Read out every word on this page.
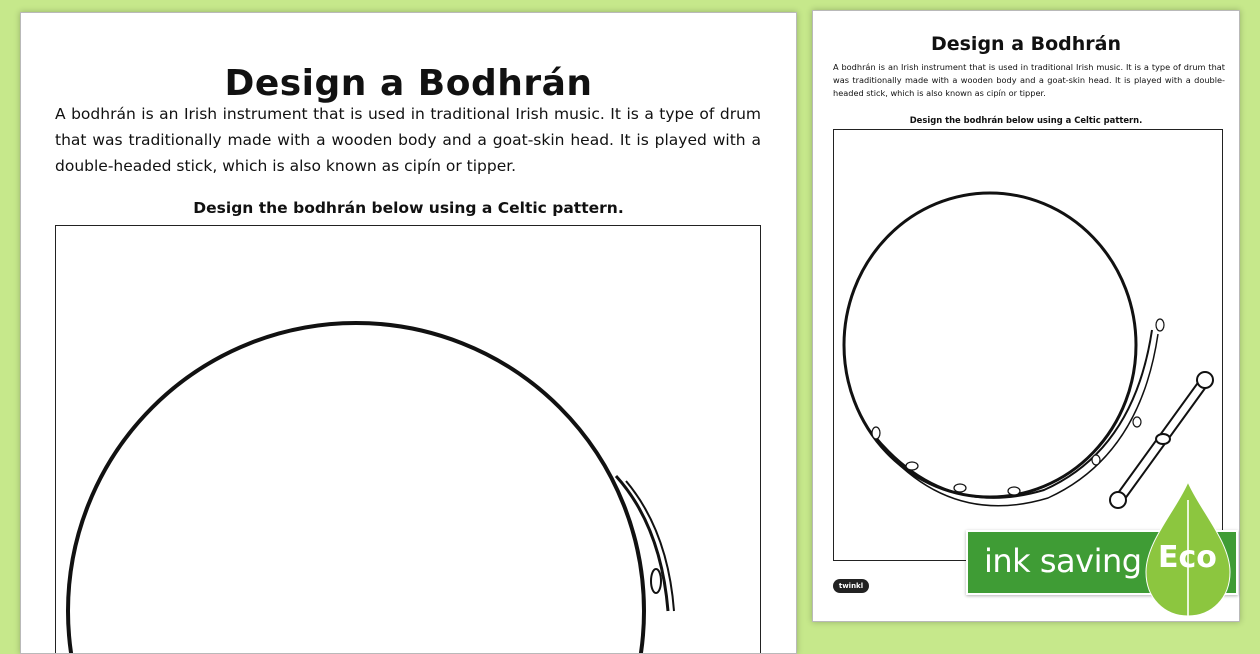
Design a Bodhrán

A bodhrán is an Irish instrument that is used in traditional Irish music. It is a type of drum that was traditionally made with a wooden body and a goat-skin head. It is played with a double-headed stick, which is also known as cipín or tipper.

Design the bodhrán below using a Celtic pattern.

Design a Bodhrán

A bodhrán is an Irish instrument that is used in traditional Irish music. It is a type of drum that was traditionally made with a wooden body and a goat-skin head. It is played with a double-headed stick, which is also known as cipín or tipper.

Design the bodhrán below using a Celtic pattern.

twinkl
ink saving Eco
